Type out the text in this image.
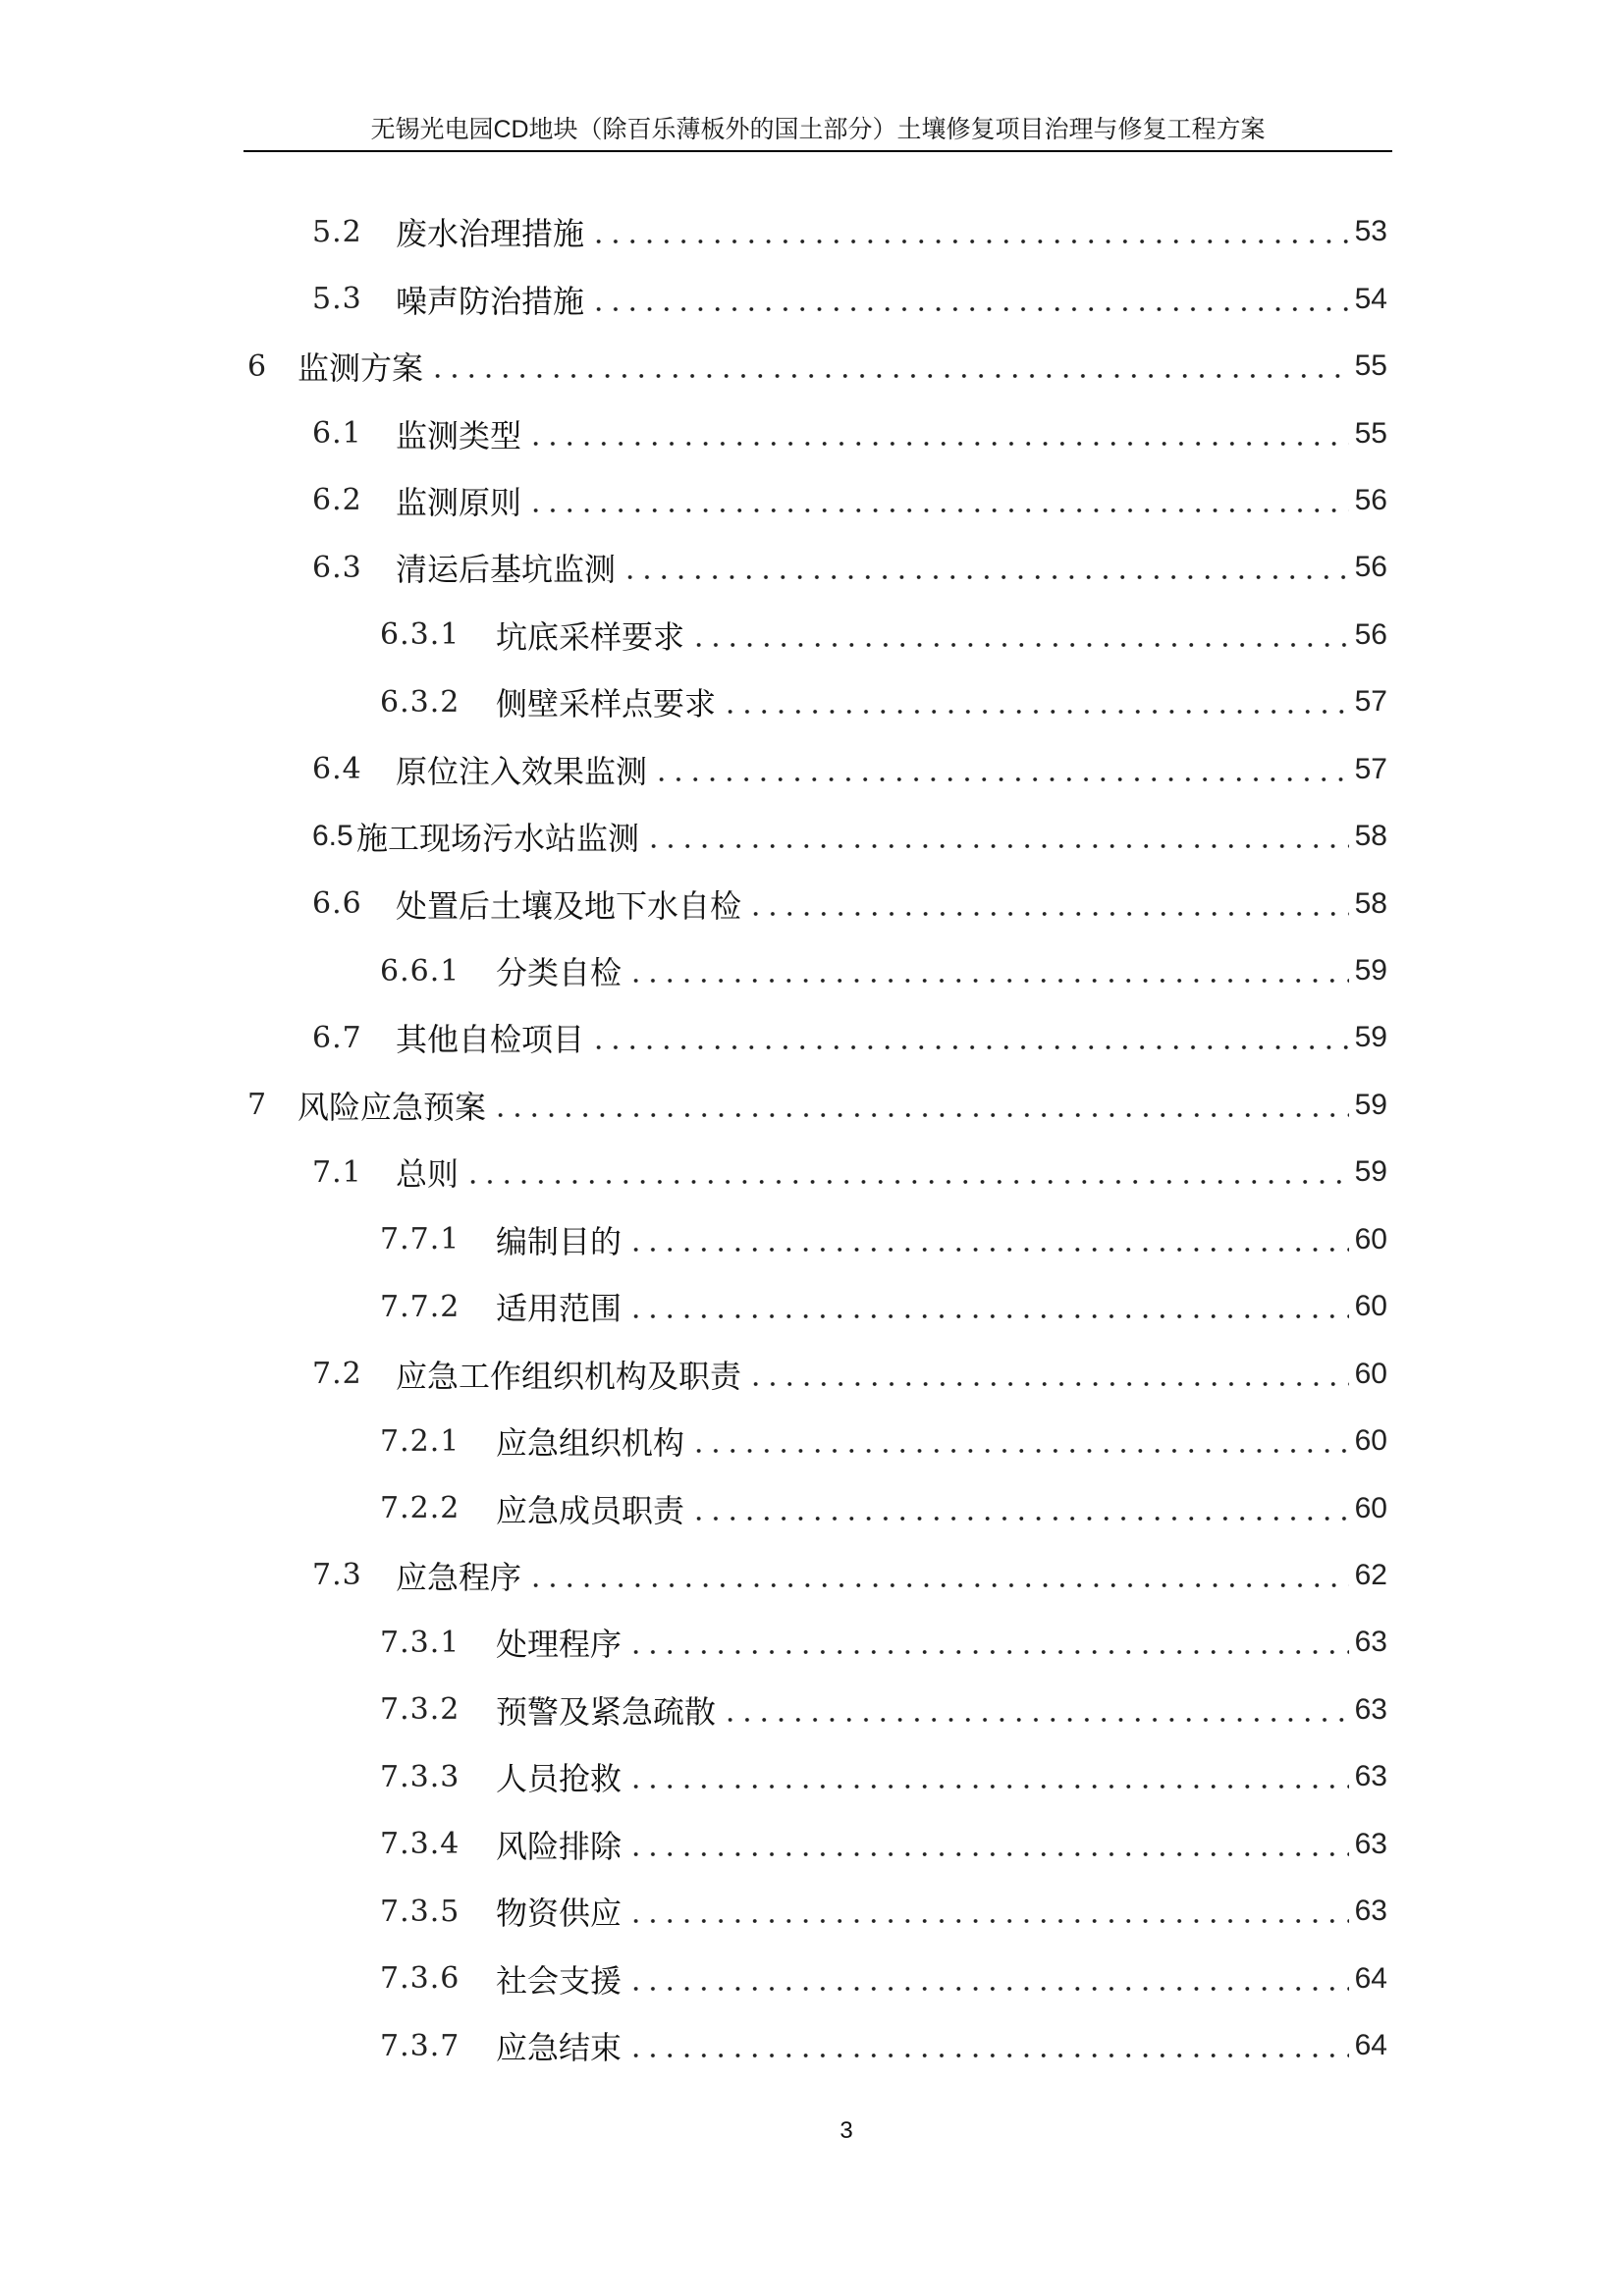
无锡光电园CD地块（除百乐薄板外的国土部分）土壤修复项目治理与修复工程方案
5.2	废水治理措施	53
5.3	噪声防治措施	54
6 监测方案	55
6.1	监测类型	55
6.2	监测原则	56
6.3	清运后基坑监测	56
6.3.1	坑底采样要求	56
6.3.2	侧壁采样点要求	57
6.4	原位注入效果监测	57
6.5 施工现场污水站监测	58
6.6	处置后土壤及地下水自检	58
6.6.1	分类自检	59
6.7	其他自检项目	59
7 风险应急预案	59
7.1	总则	59
7.7.1	编制目的	60
7.7.2	适用范围	60
7.2	应急工作组织机构及职责	60
7.2.1	应急组织机构	60
7.2.2	应急成员职责	60
7.3	应急程序	62
7.3.1	处理程序	63
7.3.2	预警及紧急疏散	63
7.3.3	人员抢救	63
7.3.4	风险排除	63
7.3.5	物资供应	63
7.3.6	社会支援	64
7.3.7	应急结束	64
3
